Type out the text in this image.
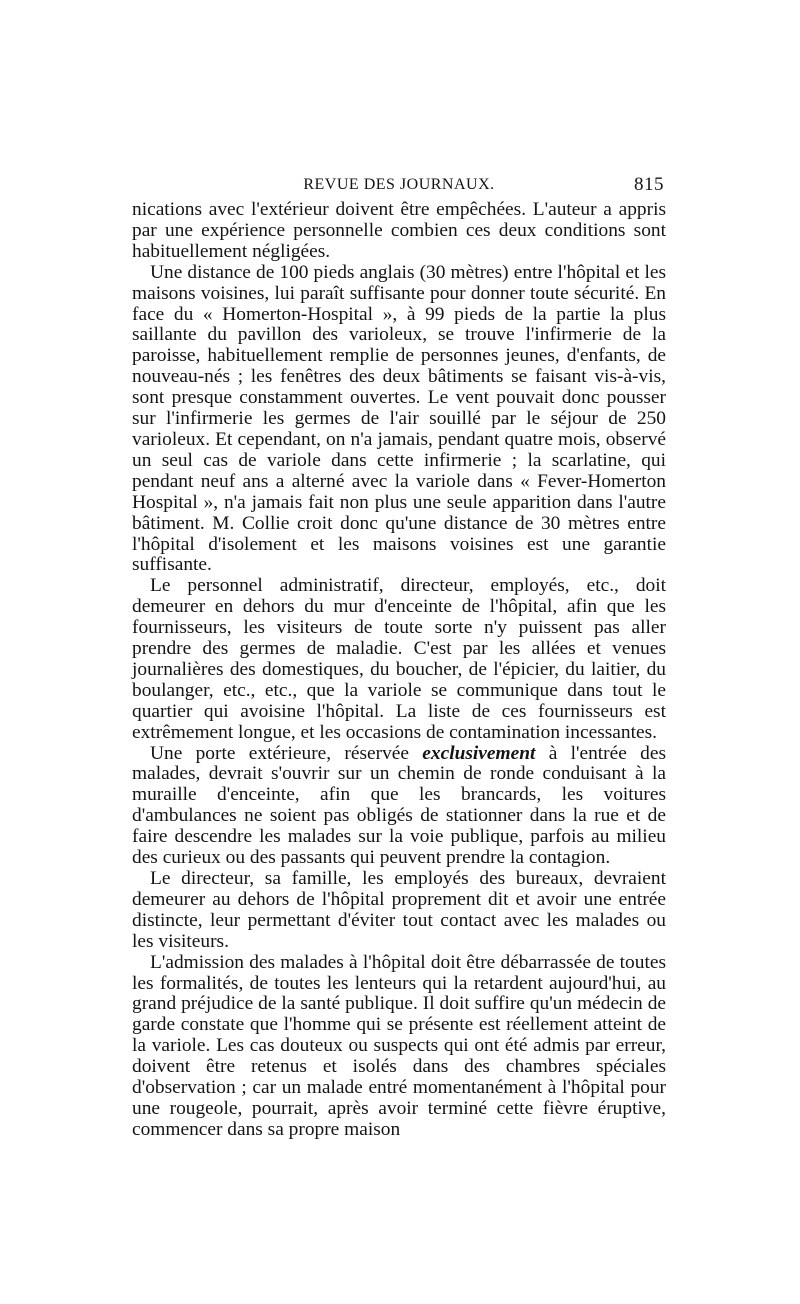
REVUE DES JOURNAUX.	815

nications avec l'extérieur doivent être empêchées. L'auteur a appris par une expérience personnelle combien ces deux conditions sont habituellement négligées.

Une distance de 100 pieds anglais (30 mètres) entre l'hôpital et les maisons voisines, lui paraît suffisante pour donner toute sécurité. En face du « Homerton-Hospital », à 99 pieds de la partie la plus saillante du pavillon des varioleux, se trouve l'infirmerie de la paroisse, habituellement remplie de personnes jeunes, d'enfants, de nouveau-nés ; les fenêtres des deux bâtiments se faisant vis-à-vis, sont presque constamment ouvertes. Le vent pouvait donc pousser sur l'infirmerie les germes de l'air souillé par le séjour de 250 varioleux. Et cependant, on n'a jamais, pendant quatre mois, observé un seul cas de variole dans cette infirmerie ; la scarlatine, qui pendant neuf ans a alterné avec la variole dans « Fever-Homerton Hospital », n'a jamais fait non plus une seule apparition dans l'autre bâtiment. M. Collie croit donc qu'une distance de 30 mètres entre l'hôpital d'isolement et les maisons voisines est une garantie suffisante.

Le personnel administratif, directeur, employés, etc., doit demeurer en dehors du mur d'enceinte de l'hôpital, afin que les fournisseurs, les visiteurs de toute sorte n'y puissent pas aller prendre des germes de maladie. C'est par les allées et venues journalières des domestiques, du boucher, de l'épicier, du laitier, du boulanger, etc., etc., que la variole se communique dans tout le quartier qui avoisine l'hôpital. La liste de ces fournisseurs est extrêmement longue, et les occasions de contamination incessantes.

Une porte extérieure, réservée exclusivement à l'entrée des malades, devrait s'ouvrir sur un chemin de ronde conduisant à la muraille d'enceinte, afin que les brancards, les voitures d'ambulances ne soient pas obligés de stationner dans la rue et de faire descendre les malades sur la voie publique, parfois au milieu des curieux ou des passants qui peuvent prendre la contagion.

Le directeur, sa famille, les employés des bureaux, devraient demeurer au dehors de l'hôpital proprement dit et avoir une entrée distincte, leur permettant d'éviter tout contact avec les malades ou les visiteurs.

L'admission des malades à l'hôpital doit être débarrassée de toutes les formalités, de toutes les lenteurs qui la retardent aujourd'hui, au grand préjudice de la santé publique. Il doit suffire qu'un médecin de garde constate que l'homme qui se présente est réellement atteint de la variole. Les cas douteux ou suspects qui ont été admis par erreur, doivent être retenus et isolés dans des chambres spéciales d'observation ; car un malade entré momentanément à l'hôpital pour une rougeole, pourrait, après avoir terminé cette fièvre éruptive, commencer dans sa propre maison
